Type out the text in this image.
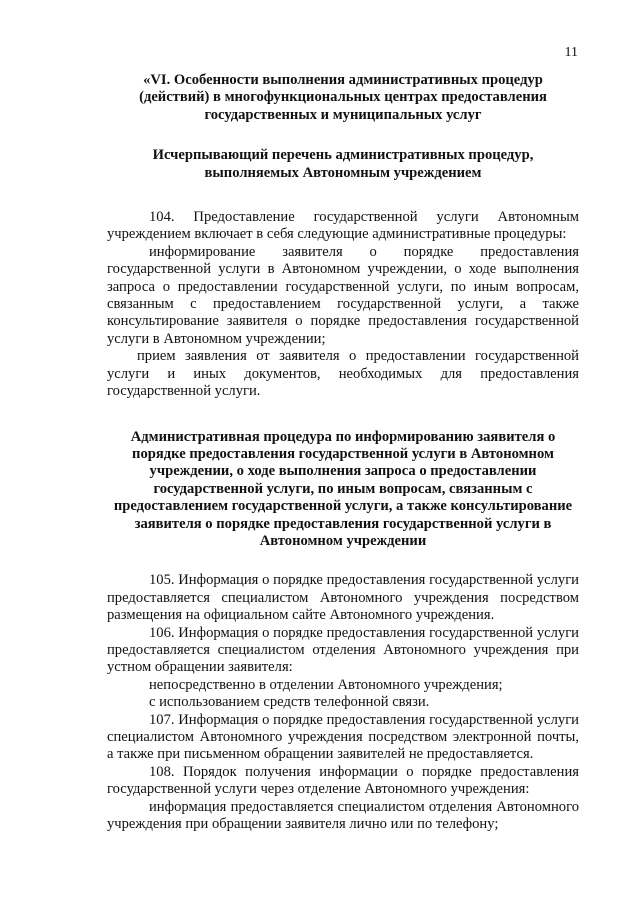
11
«VI. Особенности выполнения административных процедур (действий) в многофункциональных центрах предоставления государственных и муниципальных услуг
Исчерпывающий перечень административных процедур, выполняемых Автономным учреждением

104. Предоставление государственной услуги Автономным учреждением включает в себя следующие административные процедуры:

информирование заявителя о порядке предоставления государственной услуги в Автономном учреждении, о ходе выполнения запроса о предоставлении государственной услуги, по иным вопросам, связанным с предоставлением государственной услуги, а также консультирование заявителя о порядке предоставления государственной услуги в Автономном учреждении;

прием заявления от заявителя о предоставлении государственной услуги и иных документов, необходимых для предоставления государственной услуги.

Административная процедура по информированию заявителя о порядке предоставления государственной услуги в Автономном учреждении, о ходе выполнения запроса о предоставлении государственной услуги, по иным вопросам, связанным с предоставлением государственной услуги, а также консультирование заявителя о порядке предоставления государственной услуги в Автономном учреждении

105. Информация о порядке предоставления государственной услуги предоставляется специалистом Автономного учреждения посредством размещения на официальном сайте Автономного учреждения.

106. Информация о порядке предоставления государственной услуги предоставляется специалистом отделения Автономного учреждения при устном обращении заявителя:

непосредственно в отделении Автономного учреждения;

с использованием средств телефонной связи.

107. Информация о порядке предоставления государственной услуги специалистом Автономного учреждения посредством электронной почты, а также при письменном обращении заявителей не предоставляется.

108. Порядок получения информации о порядке предоставления государственной услуги через отделение Автономного учреждения:

информация предоставляется специалистом отделения Автономного учреждения при обращении заявителя лично или по телефону;
